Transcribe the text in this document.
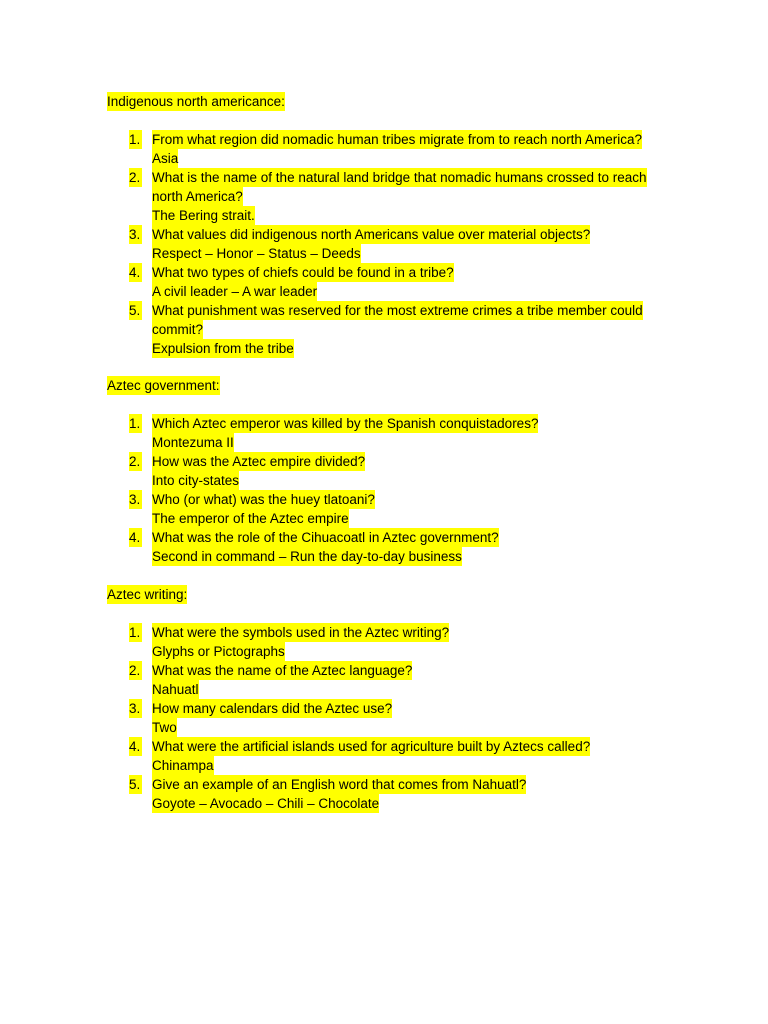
Indigenous north americance:
1. From what region did nomadic human tribes migrate from to reach north America?
Asia
2. What is the name of the natural land bridge that nomadic humans crossed to reach
north America?
The Bering strait.
3. What values did indigenous north Americans value over material objects?
Respect – Honor – Status – Deeds
4. What two types of chiefs could be found in a tribe?
A civil leader – A war leader
5. What punishment was reserved for the most extreme crimes a tribe member could
commit?
Expulsion from the tribe
Aztec government:
1. Which Aztec emperor was killed by the Spanish conquistadores?
Montezuma II
2. How was the Aztec empire divided?
Into city-states
3. Who (or what) was the huey tlatoani?
The emperor of the Aztec empire
4. What was the role of the Cihuacoatl in Aztec government?
Second in command – Run the day-to-day business
Aztec writing:
1. What were the symbols used in the Aztec writing?
Glyphs or Pictographs
2. What was the name of the Aztec language?
Nahuatl
3. How many calendars did the Aztec use?
Two
4. What were the artificial islands used for agriculture built by Aztecs called?
Chinampa
5. Give an example of an English word that comes from Nahuatl?
Goyote – Avocado – Chili – Chocolate
